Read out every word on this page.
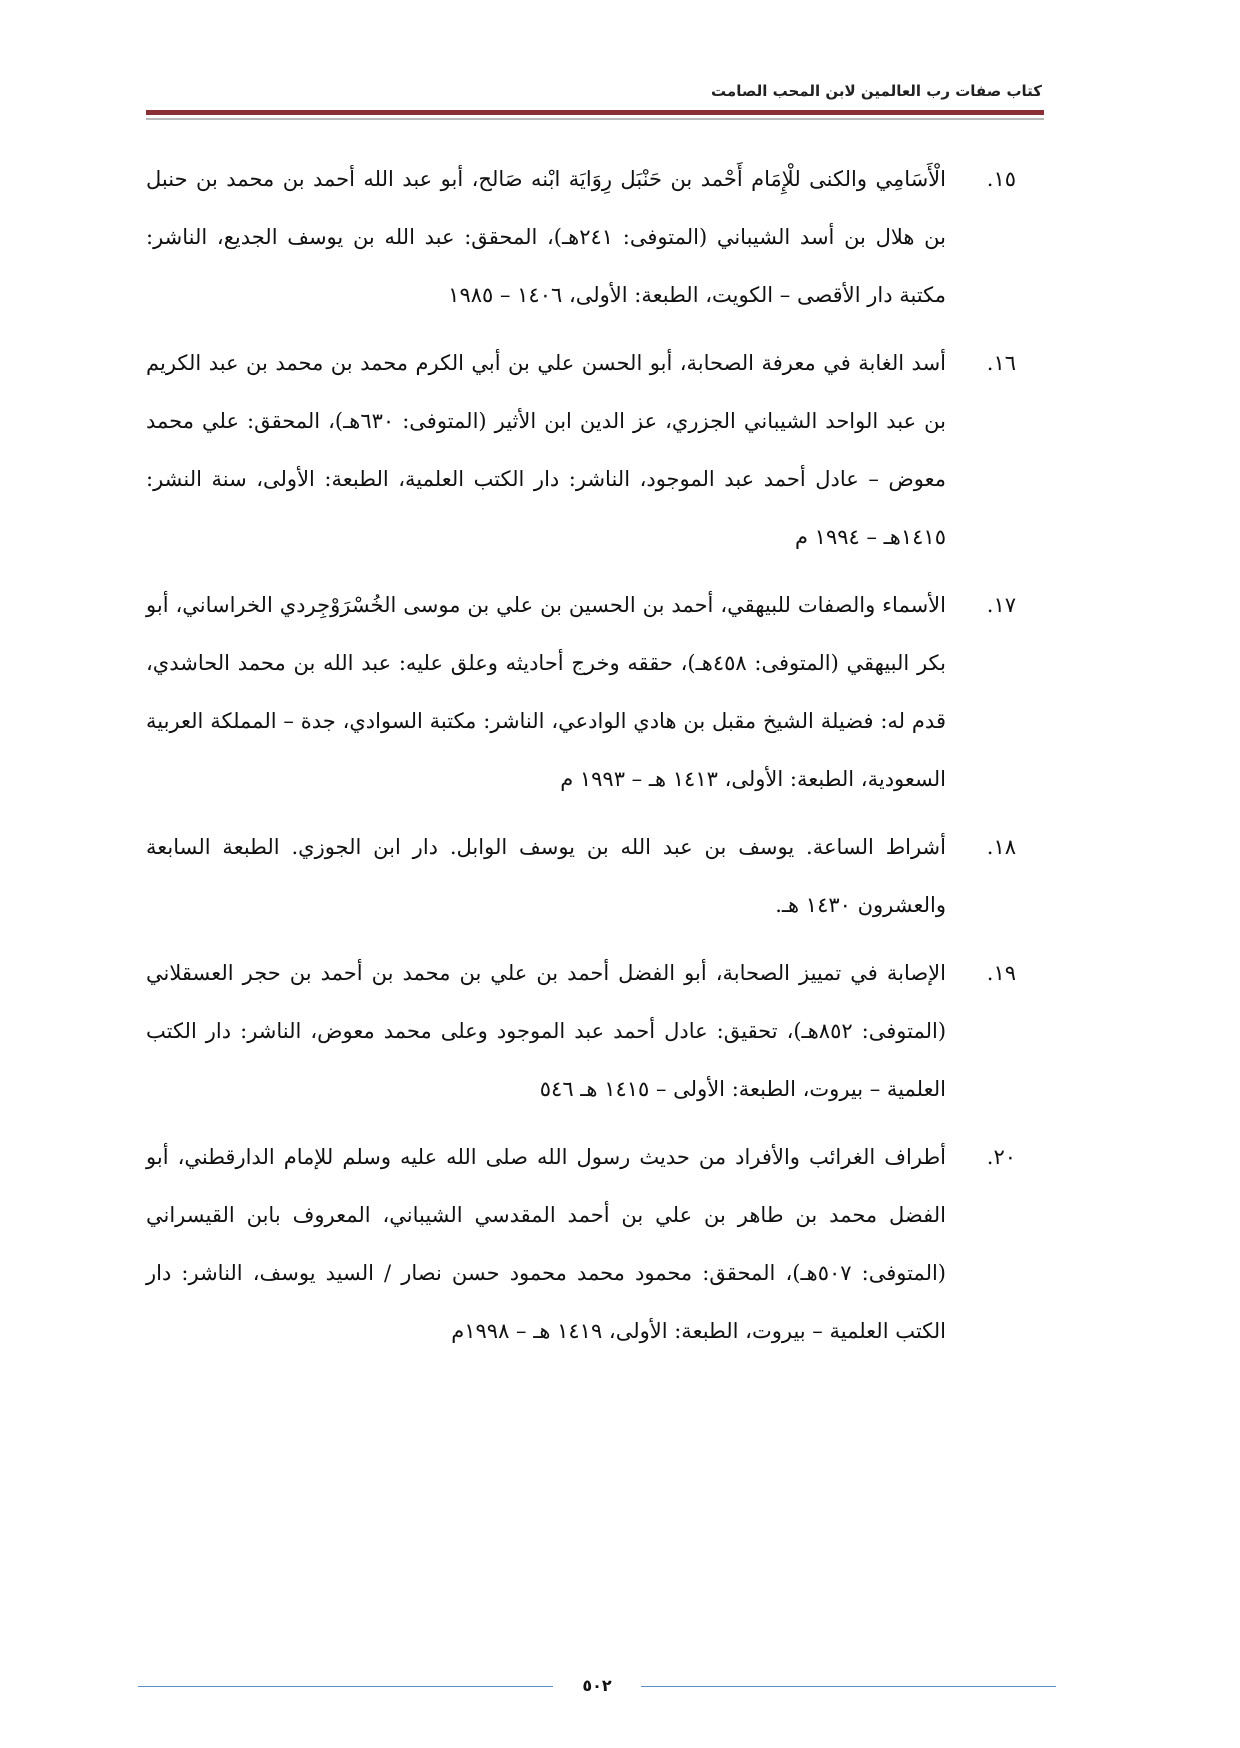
كتاب صفات رب العالمين لابن المحب الصامت
١٥.
الْأَسَامِي والكنى للْإِمَام أَحْمد بن حَنْبَل رِوَايَة ابْنه صَالح، أبو عبد الله أحمد بن محمد بن حنبل بن هلال بن أسد الشيباني (المتوفى: ٢٤١هـ)، المحقق: عبد الله بن يوسف الجديع، الناشر: مكتبة دار الأقصى – الكويت، الطبعة: الأولى، ١٤٠٦ – ١٩٨٥
١٦.
أسد الغابة في معرفة الصحابة، أبو الحسن علي بن أبي الكرم محمد بن محمد بن عبد الكريم بن عبد الواحد الشيباني الجزري، عز الدين ابن الأثير (المتوفى: ٦٣٠هـ)، المحقق: علي محمد معوض – عادل أحمد عبد الموجود، الناشر: دار الكتب العلمية، الطبعة: الأولى، سنة النشر: ١٤١٥هـ – ١٩٩٤ م
١٧.
الأسماء والصفات للبيهقي، أحمد بن الحسين بن علي بن موسى الخُسْرَوْجِردي الخراساني، أبو بكر البيهقي (المتوفى: ٤٥٨هـ)، حققه وخرج أحاديثه وعلق عليه: عبد الله بن محمد الحاشدي، قدم له: فضيلة الشيخ مقبل بن هادي الوادعي، الناشر: مكتبة السوادي، جدة – المملكة العربية السعودية، الطبعة: الأولى، ١٤١٣ هـ – ١٩٩٣ م
١٨.
أشراط الساعة. يوسف بن عبد الله بن يوسف الوابل. دار ابن الجوزي. الطبعة السابعة والعشرون ١٤٣٠ هـ.
١٩.
الإصابة في تمييز الصحابة، أبو الفضل أحمد بن علي بن محمد بن أحمد بن حجر العسقلاني (المتوفى: ٨٥٢هـ)، تحقيق: عادل أحمد عبد الموجود وعلى محمد معوض، الناشر: دار الكتب العلمية – بيروت، الطبعة: الأولى – ١٤١٥ هـ ٥٤٦
٢٠.
أطراف الغرائب والأفراد من حديث رسول الله صلى الله عليه وسلم للإمام الدارقطني، أبو الفضل محمد بن طاهر بن علي بن أحمد المقدسي الشيباني، المعروف بابن القيسراني (المتوفى: ٥٠٧هـ)، المحقق: محمود محمد محمود حسن نصار / السيد يوسف، الناشر: دار الكتب العلمية – بيروت، الطبعة: الأولى، ١٤١٩ هـ – ١٩٩٨م
٥٠٢
